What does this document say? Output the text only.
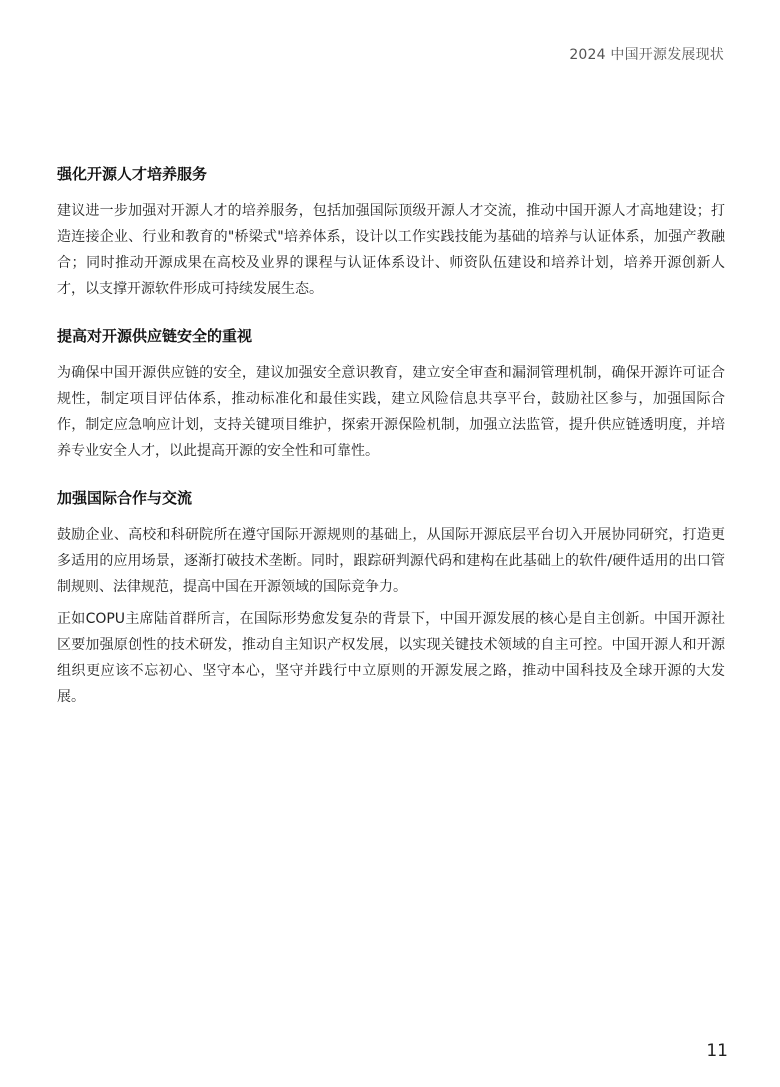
2024 中国开源发展现状
强化开源人才培养服务

建议进一步加强对开源人才的培养服务，包括加强国际顶级开源人才交流，推动中国开源人才高地建设；打造连接企业、行业和教育的"桥梁式"培养体系，设计以工作实践技能为基础的培养与认证体系，加强产教融合；同时推动开源成果在高校及业界的课程与认证体系设计、师资队伍建设和培养计划，培养开源创新人才，以支撑开源软件形成可持续发展生态。

提高对开源供应链安全的重视

为确保中国开源供应链的安全，建议加强安全意识教育，建立安全审查和漏洞管理机制，确保开源许可证合规性，制定项目评估体系，推动标准化和最佳实践，建立风险信息共享平台，鼓励社区参与，加强国际合作，制定应急响应计划，支持关键项目维护，探索开源保险机制，加强立法监管，提升供应链透明度，并培养专业安全人才，以此提高开源的安全性和可靠性。

加强国际合作与交流

鼓励企业、高校和科研院所在遵守国际开源规则的基础上，从国际开源底层平台切入开展协同研究，打造更多适用的应用场景，逐渐打破技术垄断。同时，跟踪研判源代码和建构在此基础上的软件/硬件适用的出口管制规则、法律规范，提高中国在开源领域的国际竞争力。

正如COPU主席陆首群所言，在国际形势愈发复杂的背景下，中国开源发展的核心是自主创新。中国开源社区要加强原创性的技术研发，推动自主知识产权发展，以实现关键技术领域的自主可控。中国开源人和开源组织更应该不忘初心、坚守本心，坚守并践行中立原则的开源发展之路，推动中国科技及全球开源的大发展。

11
